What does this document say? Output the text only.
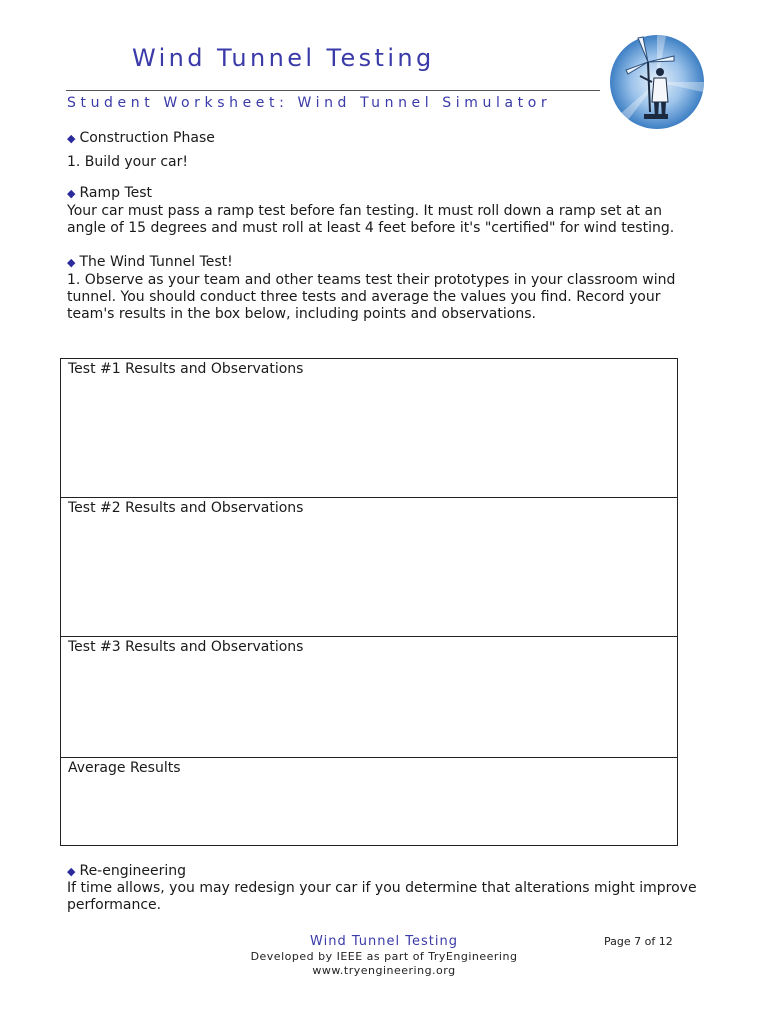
Wind Tunnel Testing
Student Worksheet: Wind Tunnel Simulator
◆ Construction Phase
1. Build your car!
◆ Ramp Test
Your car must pass a ramp test before fan testing. It must roll down a ramp set at an
angle of 15 degrees and must roll at least 4 feet before it's "certified" for wind testing.
◆ The Wind Tunnel Test!
1. Observe as your team and other teams test their prototypes in your classroom wind
tunnel. You should conduct three tests and average the values you find. Record your
team's results in the box below, including points and observations.
Test #1 Results and Observations
Test #2 Results and Observations
Test #3 Results and Observations
Average Results
◆ Re-engineering
If time allows, you may redesign your car if you determine that alterations might improve
performance.
Wind Tunnel Testing	Page 7 of 12
Developed by IEEE as part of TryEngineering
www.tryengineering.org
